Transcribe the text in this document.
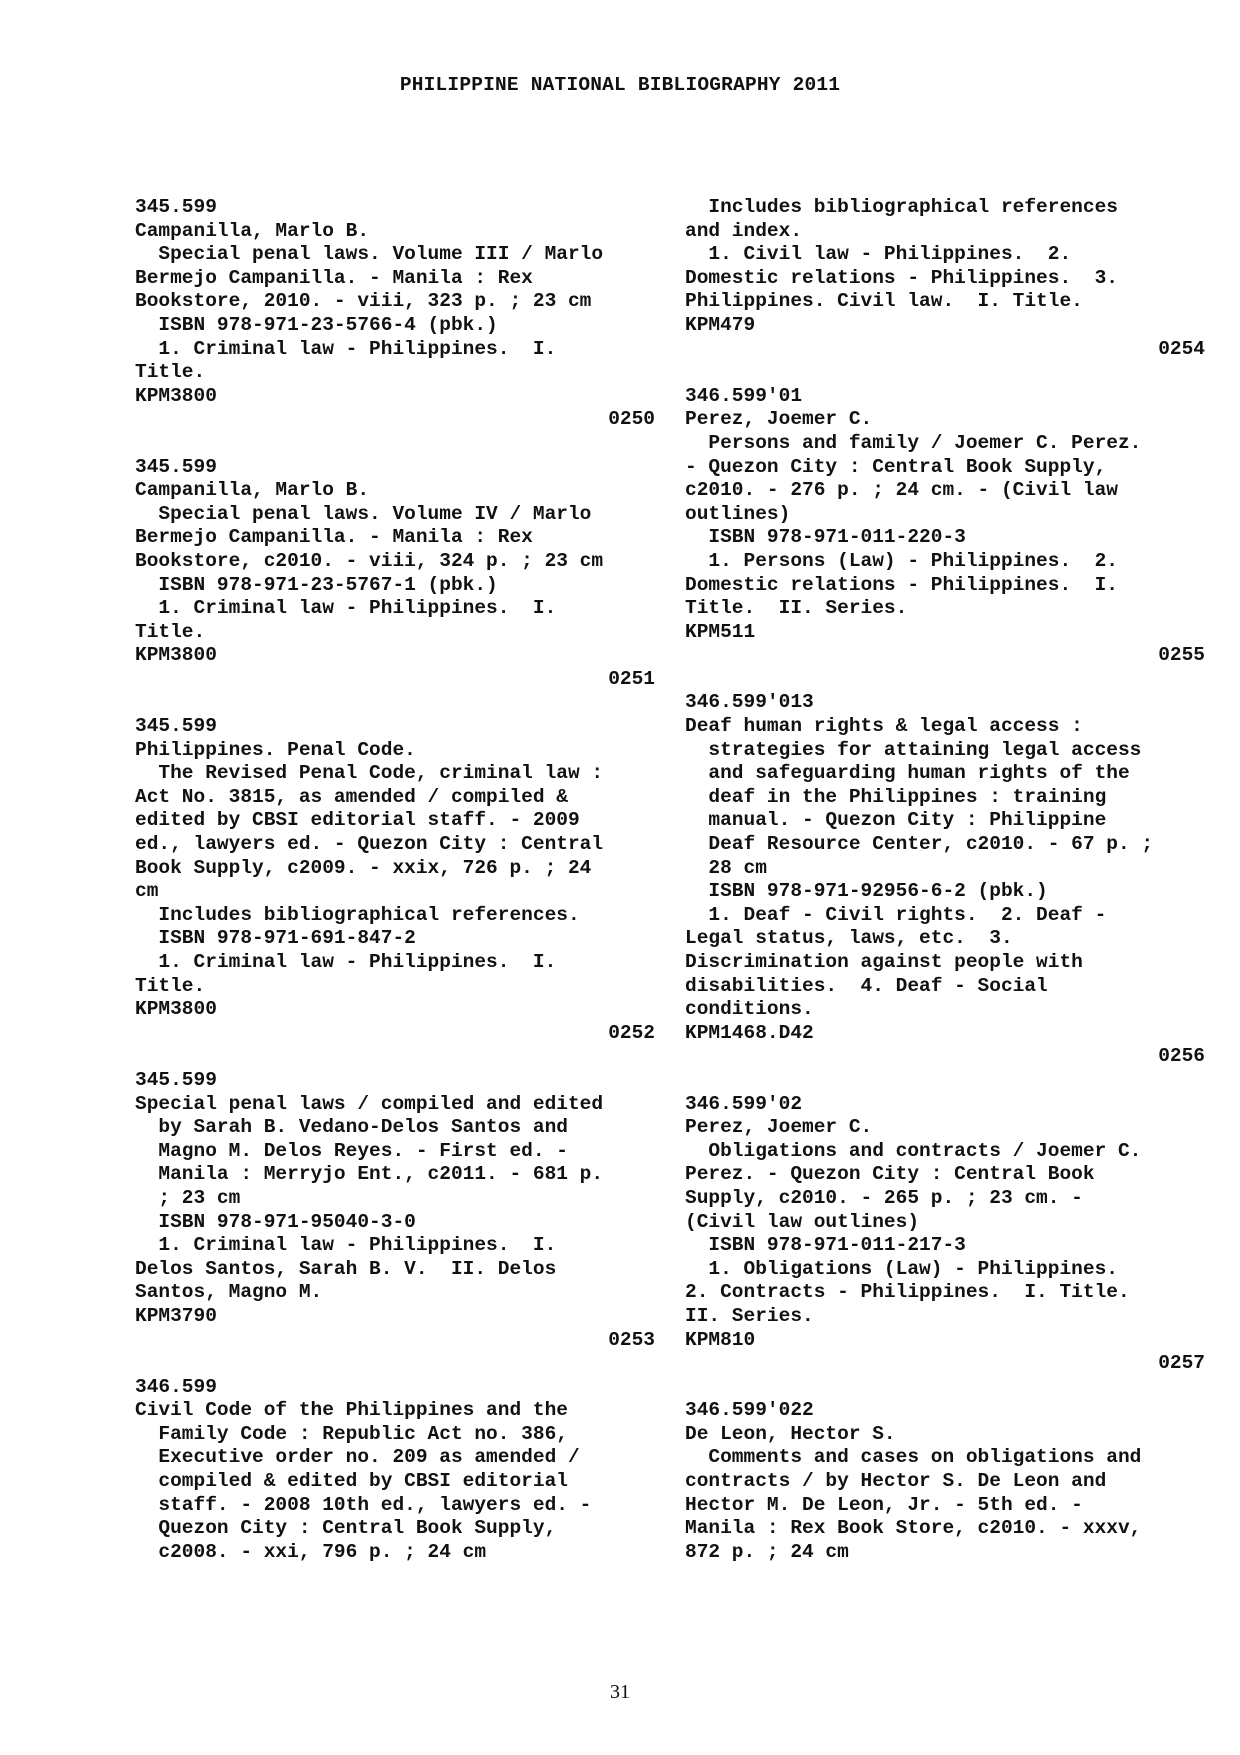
PHILIPPINE NATIONAL BIBLIOGRAPHY 2011
345.599
Campanilla, Marlo B.
Special penal laws. Volume III / Marlo
Bermejo Campanilla. - Manila : Rex
Bookstore, 2010. - viii, 323 p. ; 23 cm
ISBN 978-971-23-5766-4 (pbk.)
1. Criminal law - Philippines.  I.
Title.
KPM3800
0250
345.599
Campanilla, Marlo B.
Special penal laws. Volume IV / Marlo
Bermejo Campanilla. - Manila : Rex
Bookstore, c2010. - viii, 324 p. ; 23 cm
ISBN 978-971-23-5767-1 (pbk.)
1. Criminal law - Philippines.  I.
Title.
KPM3800
0251
345.599
Philippines. Penal Code.
The Revised Penal Code, criminal law :
Act No. 3815, as amended / compiled &
edited by CBSI editorial staff. - 2009
ed., lawyers ed. - Quezon City : Central
Book Supply, c2009. - xxix, 726 p. ; 24
cm
Includes bibliographical references.
ISBN 978-971-691-847-2
1. Criminal law - Philippines.  I.
Title.
KPM3800
0252
345.599
Special penal laws / compiled and edited
by Sarah B. Vedano-Delos Santos and
Magno M. Delos Reyes. - First ed. -
Manila : Merryjo Ent., c2011. - 681 p.
; 23 cm
ISBN 978-971-95040-3-0
1. Criminal law - Philippines.  I.
Delos Santos, Sarah B. V.  II. Delos
Santos, Magno M.
KPM3790
0253
346.599
Civil Code of the Philippines and the
Family Code : Republic Act no. 386,
Executive order no. 209 as amended /
compiled & edited by CBSI editorial
staff. - 2008 10th ed., lawyers ed. -
Quezon City : Central Book Supply,
c2008. - xxi, 796 p. ; 24 cm
Includes bibliographical references
and index.
1. Civil law - Philippines.  2.
Domestic relations - Philippines.  3.
Philippines. Civil law.  I. Title.
KPM479
0254
346.599'01
Perez, Joemer C.
Persons and family / Joemer C. Perez.
- Quezon City : Central Book Supply,
c2010. - 276 p. ; 24 cm. - (Civil law
outlines)
ISBN 978-971-011-220-3
1. Persons (Law) - Philippines.  2.
Domestic relations - Philippines.  I.
Title.  II. Series.
KPM511
0255
346.599'013
Deaf human rights & legal access :
strategies for attaining legal access
and safeguarding human rights of the
deaf in the Philippines : training
manual. - Quezon City : Philippine
Deaf Resource Center, c2010. - 67 p. ;
28 cm
ISBN 978-971-92956-6-2 (pbk.)
1. Deaf - Civil rights.  2. Deaf -
Legal status, laws, etc.  3.
Discrimination against people with
disabilities.  4. Deaf - Social
conditions.
KPM1468.D42
0256
346.599'02
Perez, Joemer C.
Obligations and contracts / Joemer C.
Perez. - Quezon City : Central Book
Supply, c2010. - 265 p. ; 23 cm. -
(Civil law outlines)
ISBN 978-971-011-217-3
1. Obligations (Law) - Philippines.
2. Contracts - Philippines.  I. Title.
II. Series.
KPM810
0257
346.599'022
De Leon, Hector S.
Comments and cases on obligations and
contracts / by Hector S. De Leon and
Hector M. De Leon, Jr. - 5th ed. -
Manila : Rex Book Store, c2010. - xxxv,
872 p. ; 24 cm
31
